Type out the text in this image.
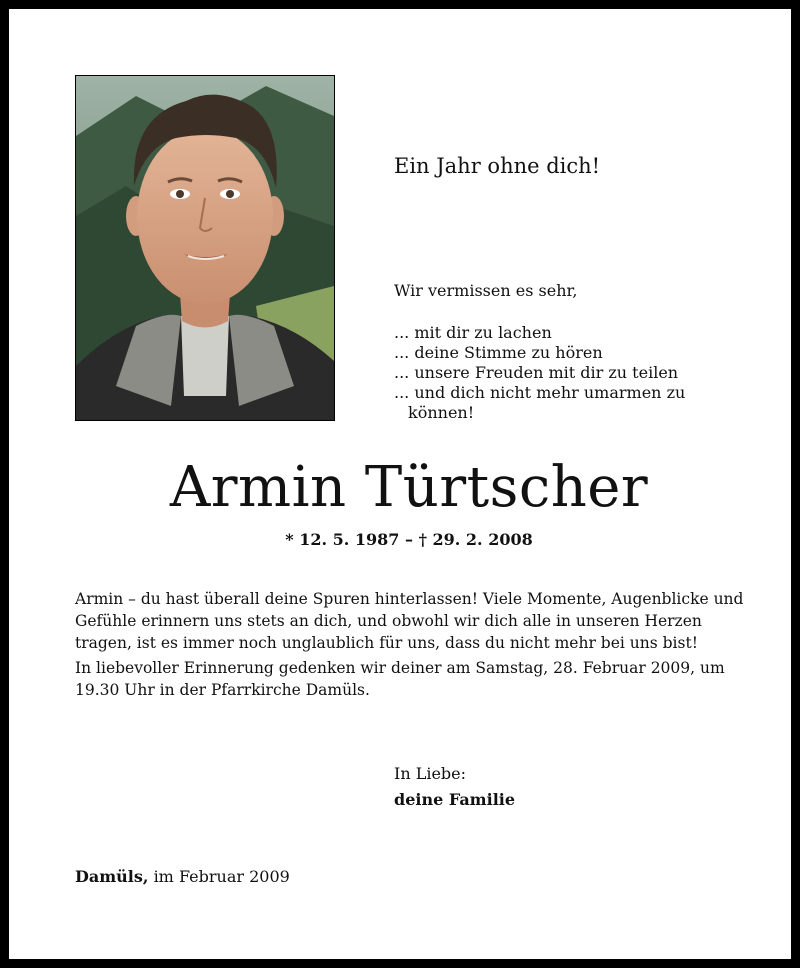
Ein Jahr ohne dich!

Wir vermissen es sehr,

... mit dir zu lachen
... deine Stimme zu hören
... unsere Freuden mit dir zu teilen
... und dich nicht mehr umarmen zu können!
Armin Türtscher
* 12. 5. 1987 – † 29. 2. 2008

Armin – du hast überall deine Spuren hinterlassen! Viele Momente, Augenblicke und Gefühle erinnern uns stets an dich, und obwohl wir dich alle in unseren Herzen tragen, ist es immer noch unglaublich für uns, dass du nicht mehr bei uns bist!

In liebevoller Erinnerung gedenken wir deiner am Samstag, 28. Februar 2009, um 19.30 Uhr in der Pfarrkirche Damüls.

In Liebe:
deine Familie
Damüls, im Februar 2009
